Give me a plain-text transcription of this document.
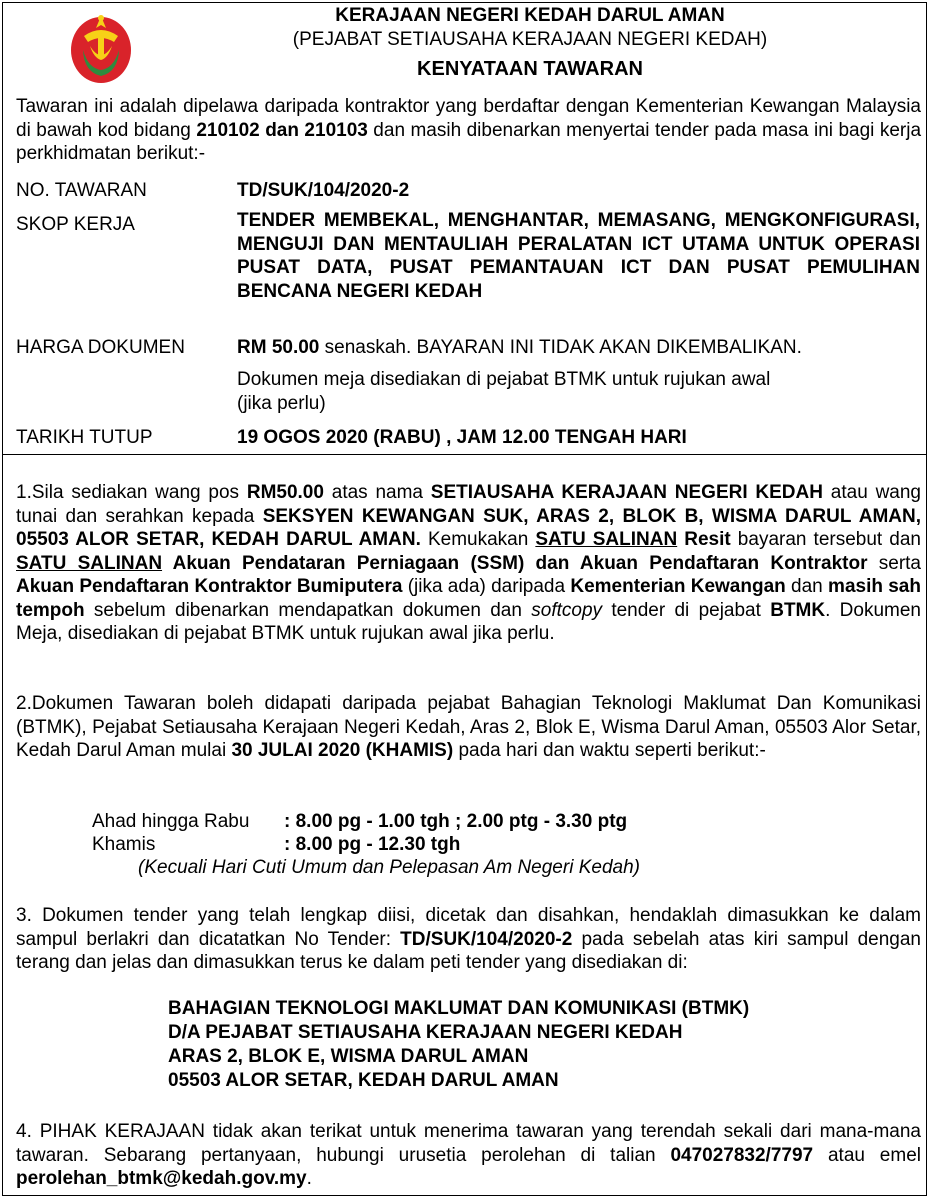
KERAJAAN NEGERI KEDAH DARUL AMAN
(PEJABAT SETIAUSAHA KERAJAAN NEGERI KEDAH)
KENYATAAN TAWARAN
Tawaran ini adalah dipelawa daripada kontraktor yang berdaftar dengan Kementerian Kewangan Malaysia di bawah kod bidang 210102 dan 210103 dan masih dibenarkan menyertai tender pada masa ini bagi kerja perkhidmatan berikut:-
NO. TAWARAN	TD/SUK/104/2020-2
SKOP KERJA	TENDER MEMBEKAL, MENGHANTAR, MEMASANG, MENGKONFIGURASI, MENGUJI DAN MENTAULIAH PERALATAN ICT UTAMA UNTUK OPERASI PUSAT DATA, PUSAT PEMANTAUAN ICT DAN PUSAT PEMULIHAN BENCANA NEGERI KEDAH
HARGA DOKUMEN	RM 50.00 senaskah. BAYARAN INI TIDAK AKAN DIKEMBALIKAN.
Dokumen meja disediakan di pejabat BTMK untuk rujukan awal
(jika perlu)
TARIKH TUTUP	19 OGOS 2020 (RABU) , JAM 12.00 TENGAH HARI
1.Sila sediakan wang pos RM50.00 atas nama SETIAUSAHA KERAJAAN NEGERI KEDAH atau wang tunai dan serahkan kepada SEKSYEN KEWANGAN SUK, ARAS 2, BLOK B, WISMA DARUL AMAN, 05503 ALOR SETAR, KEDAH DARUL AMAN. Kemukakan SATU SALINAN Resit bayaran tersebut dan SATU SALINAN Akuan Pendataran Perniagaan (SSM) dan Akuan Pendaftaran Kontraktor serta Akuan Pendaftaran Kontraktor Bumiputera (jika ada) daripada Kementerian Kewangan dan masih sah tempoh sebelum dibenarkan mendapatkan dokumen dan softcopy tender di pejabat BTMK. Dokumen Meja, disediakan di pejabat BTMK untuk rujukan awal jika perlu.
2.Dokumen Tawaran boleh didapati daripada pejabat Bahagian Teknologi Maklumat Dan Komunikasi (BTMK), Pejabat Setiausaha Kerajaan Negeri Kedah, Aras 2, Blok E, Wisma Darul Aman, 05503 Alor Setar, Kedah Darul Aman mulai 30 JULAI 2020 (KHAMIS) pada hari dan waktu seperti berikut:-
Ahad hingga Rabu : 8.00 pg - 1.00 tgh ; 2.00 ptg - 3.30 ptg
Khamis	: 8.00 pg - 12.30 tgh
(Kecuali Hari Cuti Umum dan Pelepasan Am Negeri Kedah)
3. Dokumen tender yang telah lengkap diisi, dicetak dan disahkan, hendaklah dimasukkan ke dalam sampul berlakri dan dicatatkan No Tender: TD/SUK/104/2020-2 pada sebelah atas kiri sampul dengan terang dan jelas dan dimasukkan terus ke dalam peti tender yang disediakan di:
BAHAGIAN TEKNOLOGI MAKLUMAT DAN KOMUNIKASI (BTMK)
D/A PEJABAT SETIAUSAHA KERAJAAN NEGERI KEDAH
ARAS 2, BLOK E, WISMA DARUL AMAN
05503 ALOR SETAR, KEDAH DARUL AMAN
4. PIHAK KERAJAAN tidak akan terikat untuk menerima tawaran yang terendah sekali dari mana-mana tawaran. Sebarang pertanyaan, hubungi urusetia perolehan di talian 047027832/7797 atau emel perolehan_btmk@kedah.gov.my.
